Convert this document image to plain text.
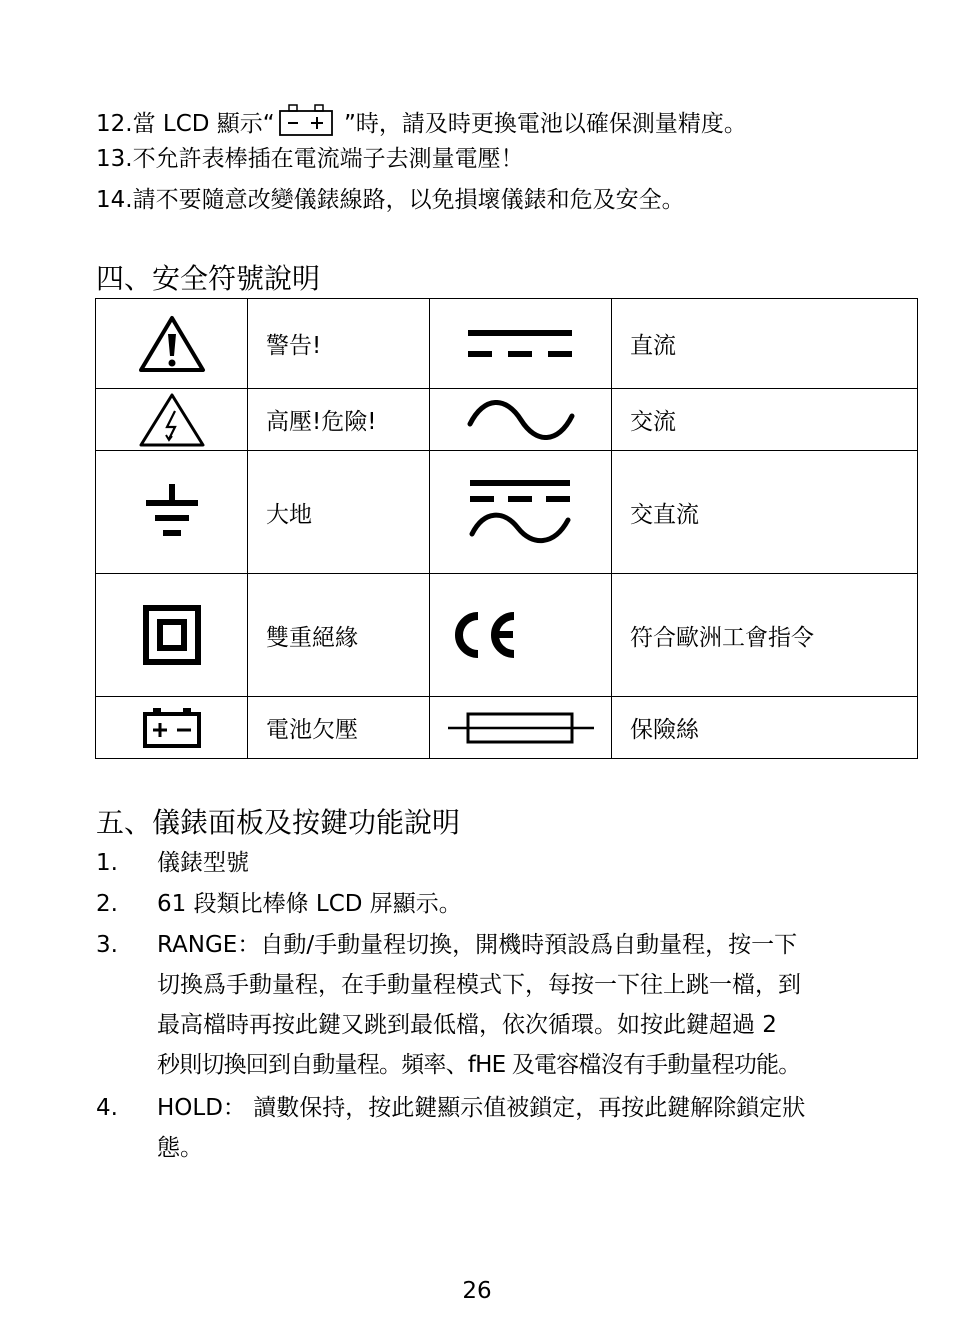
12.當 LCD 顯示“	”時，請及時更換電池以確保測量精度。
13.不允許表棒插在電流端子去測量電壓！
14.請不要隨意改變儀錶線路，以免損壞儀錶和危及安全。
四、安全符號說明
	警告!		直流

	高壓!危險!		交流

	大地		交直流

	雙重絕緣		符合歐洲工會指令

	電池欠壓		保險絲
五、儀錶面板及按鍵功能說明
1. 儀錶型號
2. 61 段類比棒條 LCD 屏顯示。
3. RANGE：自動/手動量程切換，開機時預設爲自動量程，按一下
切換爲手動量程，在手動量程模式下，每按一下往上跳一檔，到
最高檔時再按此鍵又跳到最低檔，依次循環。如按此鍵超過 2
秒則切換回到自動量程。頻率、fHE 及電容檔沒有手動量程功能。
4. HOLD： 讀數保持，按此鍵顯示值被鎖定，再按此鍵解除鎖定狀
態。
26
